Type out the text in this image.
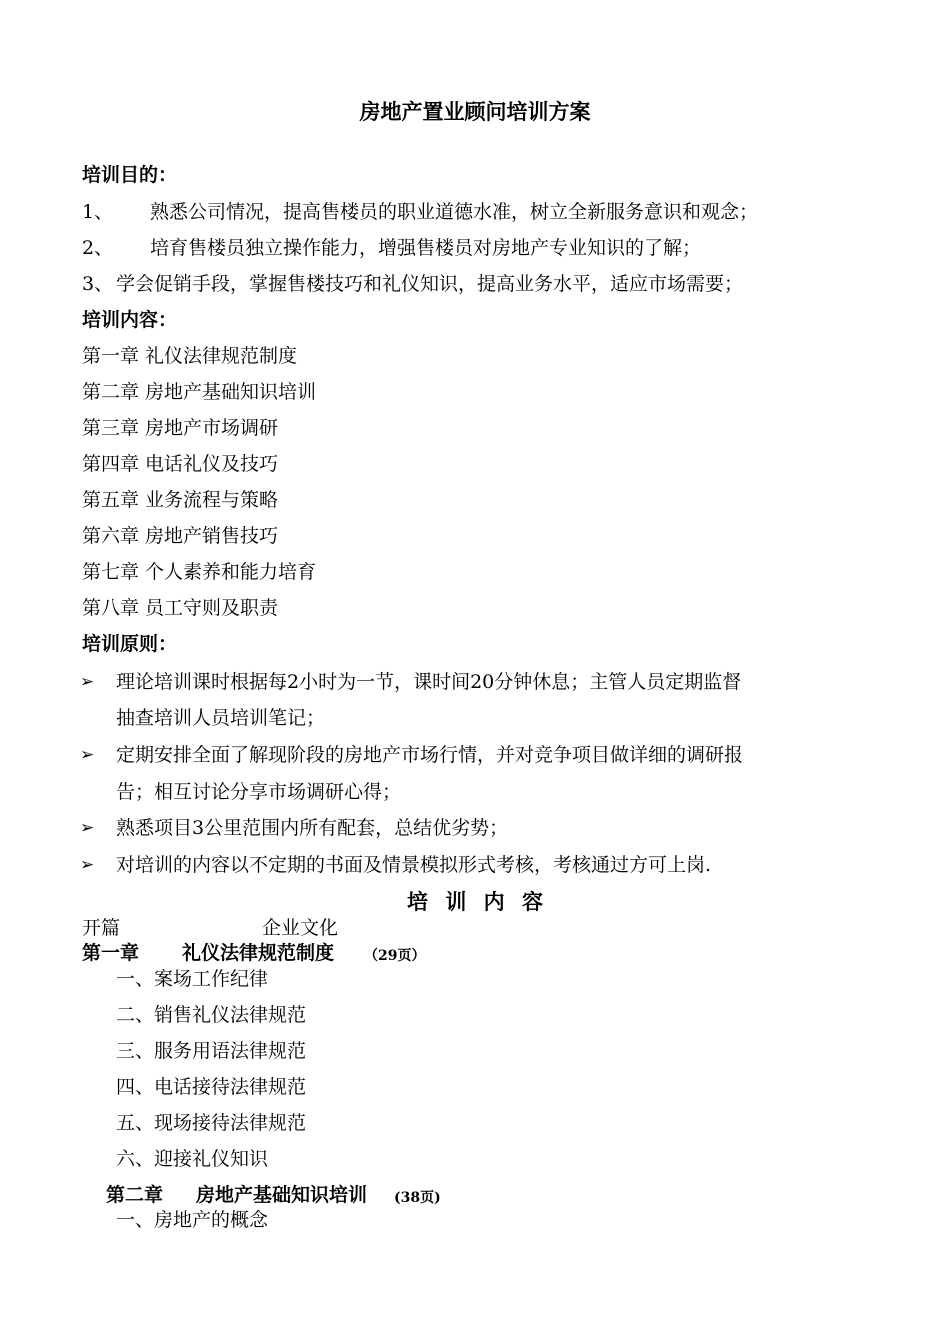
房地产置业顾问培训方案
培训目的：
1、 熟悉公司情况，提高售楼员的职业道德水准，树立全新服务意识和观念；
2、 培育售楼员独立操作能力，增强售楼员对房地产专业知识的了解；
3、 学会促销手段，掌握售楼技巧和礼仪知识，提高业务水平，适应市场需要；
培训内容：
第一章 礼仪法律规范制度
第二章 房地产基础知识培训
第三章 房地产市场调研
第四章 电话礼仪及技巧
第五章 业务流程与策略
第六章 房地产销售技巧
第七章 个人素养和能力培育
第八章 员工守则及职责
培训原则：
➢ 理论培训课时根据每2小时为一节，课时间20分钟休息；主管人员定期监督
抽查培训人员培训笔记；
➢ 定期安排全面了解现阶段的房地产市场行情，并对竞争项目做详细的调研报
告；相互讨论分享市场调研心得；
➢ 熟悉项目3公里范围内所有配套，总结优劣势；
➢ 对培训的内容以不定期的书面及情景模拟形式考核，考核通过方可上岗.
培 训 内 容
开篇	企业文化
第一章 礼仪法律规范制度 （29页）
一、案场工作纪律
二、销售礼仪法律规范
三、服务用语法律规范
四、电话接待法律规范
五、现场接待法律规范
六、迎接礼仪知识
第二章 房地产基础知识培训 (38页)
一、房地产的概念
